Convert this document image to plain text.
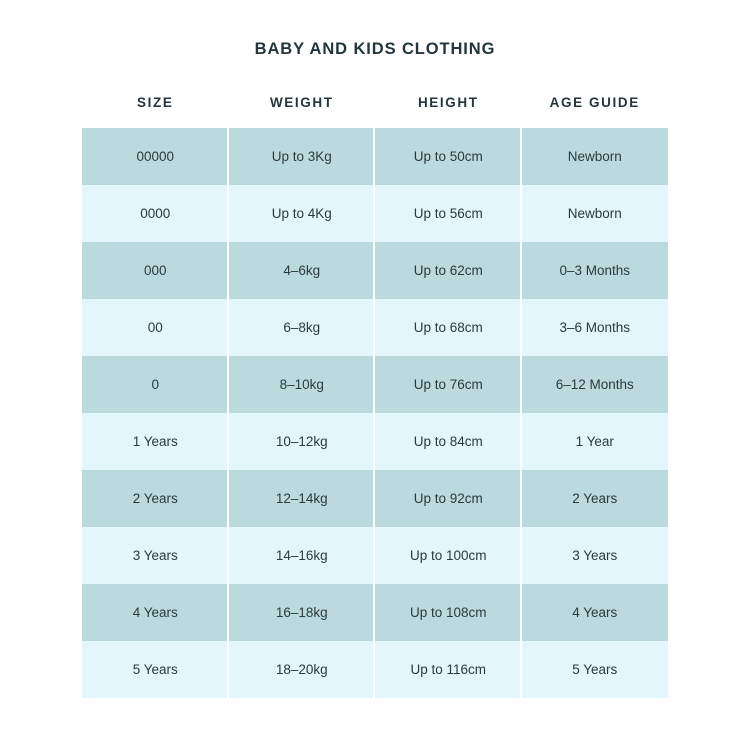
BABY AND KIDS CLOTHING
SIZE	WEIGHT	HEIGHT	AGE GUIDE
00000	Up to 3Kg	Up to 50cm	Newborn
0000	Up to 4Kg	Up to 56cm	Newborn
000	4–6kg	Up to 62cm	0–3 Months
00	6–8kg	Up to 68cm	3–6 Months
0	8–10kg	Up to 76cm	6–12 Months
1 Years	10–12kg	Up to 84cm	1 Year
2 Years	12–14kg	Up to 92cm	2 Years
3 Years	14–16kg	Up to 100cm	3 Years
4 Years	16–18kg	Up to 108cm	4 Years
5 Years	18–20kg	Up to 116cm	5 Years
